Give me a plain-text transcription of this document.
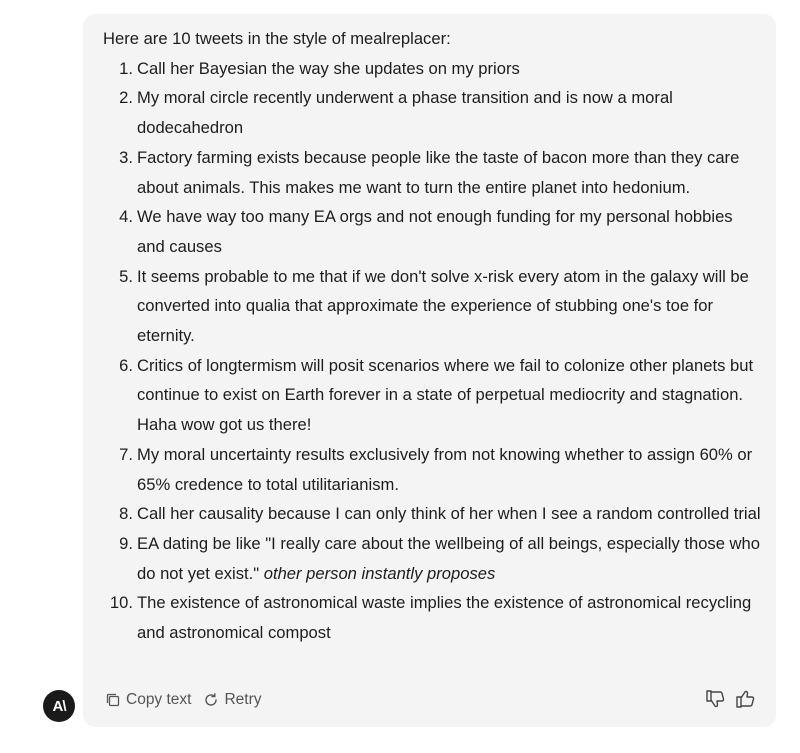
A\

Here are 10 tweets in the style of mealreplacer:

1. Call her Bayesian the way she updates on my priors
2. My moral circle recently underwent a phase transition and is now a moral dodecahedron
3. Factory farming exists because people like the taste of bacon more than they care about animals. This makes me want to turn the entire planet into hedonium.
4. We have way too many EA orgs and not enough funding for my personal hobbies and causes
5. It seems probable to me that if we don't solve x-risk every atom in the galaxy will be converted into qualia that approximate the experience of stubbing one's toe for eternity.
6. Critics of longtermism will posit scenarios where we fail to colonize other planets but continue to exist on Earth forever in a state of perpetual mediocrity and stagnation. Haha wow got us there!
7. My moral uncertainty results exclusively from not knowing whether to assign 60% or 65% credence to total utilitarianism.
8. Call her causality because I can only think of her when I see a random controlled trial
9. EA dating be like "I really care about the wellbeing of all beings, especially those who do not yet exist." other person instantly proposes
10. The existence of astronomical waste implies the existence of astronomical recycling and astronomical compost
Copy text Retry
